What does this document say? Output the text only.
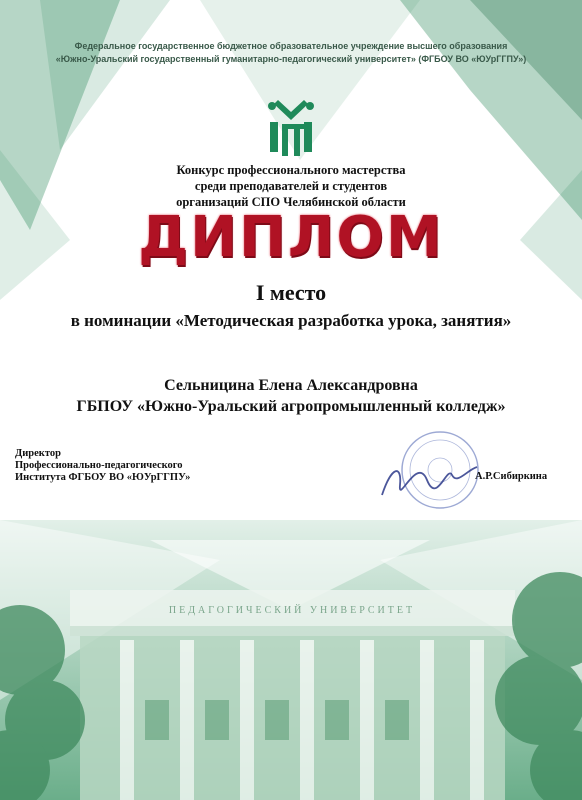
ПЕДАГОГИЧЕСКИЙ УНИВЕРСИТЕТ
Федеральное государственное бюджетное образовательное учреждение высшего образования
«Южно-Уральский государственный гуманитарно-педагогический университет» (ФГБОУ ВО «ЮУрГГПУ»)
Конкурс профессионального мастерства
среди преподавателей и студентов
организаций СПО Челябинской области
ДИПЛОМ
I место
в номинации «Методическая разработка урока, занятия»
Сельницина Елена Александровна
ГБПОУ «Южно-Уральский агропромышленный колледж»
Директор
Профессионально-педагогического
Института ФГБОУ ВО «ЮУрГГПУ»	А.Р.Сибиркина
